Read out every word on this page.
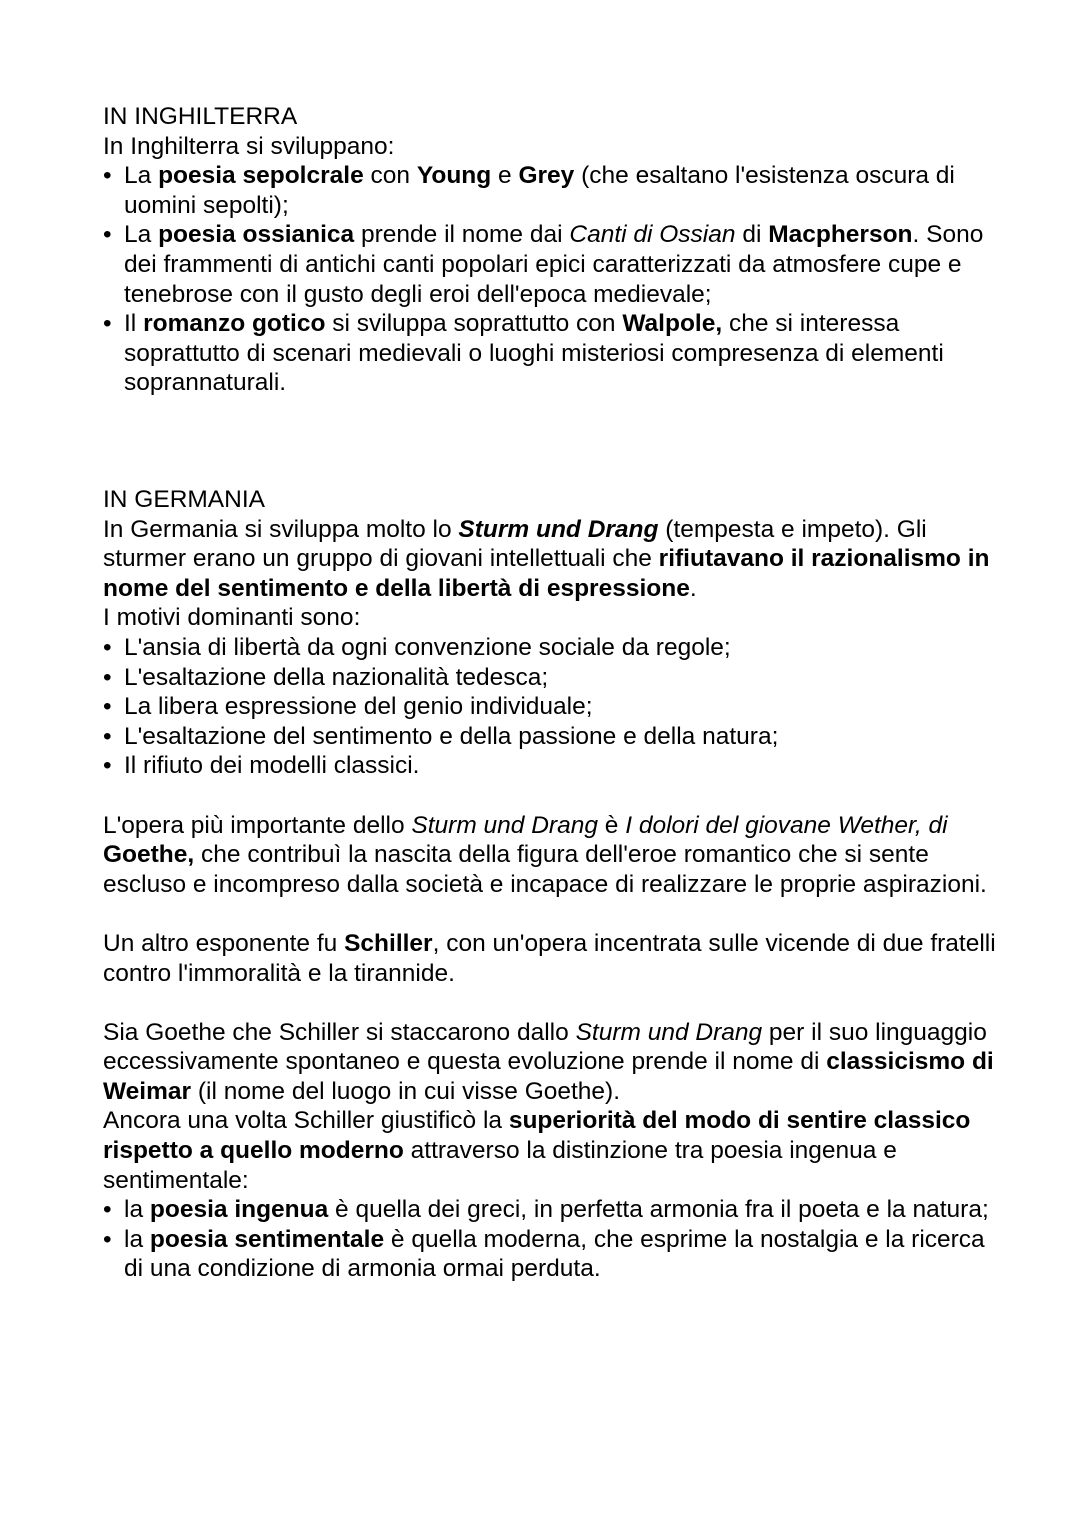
IN INGHILTERRA

In Inghilterra si sviluppano:

• La poesia sepolcrale con Young e Grey (che esaltano l'esistenza oscura di uomini sepolti);
• La poesia ossianica prende il nome dai Canti di Ossian di Macpherson. Sono dei frammenti di antichi canti popolari epici caratterizzati da atmosfere cupe e tenebrose con il gusto degli eroi dell'epoca medievale;
• Il romanzo gotico si sviluppa soprattutto con Walpole, che si interessa soprattutto di scenari medievali o luoghi misteriosi compresenza di elementi soprannaturali.

IN GERMANIA

In Germania si sviluppa molto lo Sturm und Drang (tempesta e impeto). Gli sturmer erano un gruppo di giovani intellettuali che rifiutavano il razionalismo in nome del sentimento e della libertà di espressione.

I motivi dominanti sono:

• L'ansia di libertà da ogni convenzione sociale da regole;
• L'esaltazione della nazionalità tedesca;
• La libera espressione del genio individuale;
• L'esaltazione del sentimento e della passione e della natura;
• Il rifiuto dei modelli classici.

L'opera più importante dello Sturm und Drang è I dolori del giovane Wether, di Goethe, che contribuì la nascita della figura dell'eroe romantico che si sente escluso e incompreso dalla società e incapace di realizzare le proprie aspirazioni.

Un altro esponente fu Schiller, con un'opera incentrata sulle vicende di due fratelli contro l'immoralità e la tirannide.

Sia Goethe che Schiller si staccarono dallo Sturm und Drang per il suo linguaggio eccessivamente spontaneo e questa evoluzione prende il nome di classicismo di Weimar (il nome del luogo in cui visse Goethe).

Ancora una volta Schiller giustificò la superiorità del modo di sentire classico rispetto a quello moderno attraverso la distinzione tra poesia ingenua e sentimentale:

• la poesia ingenua è quella dei greci, in perfetta armonia fra il poeta e la natura;
• la poesia sentimentale è quella moderna, che esprime la nostalgia e la ricerca di una condizione di armonia ormai perduta.
